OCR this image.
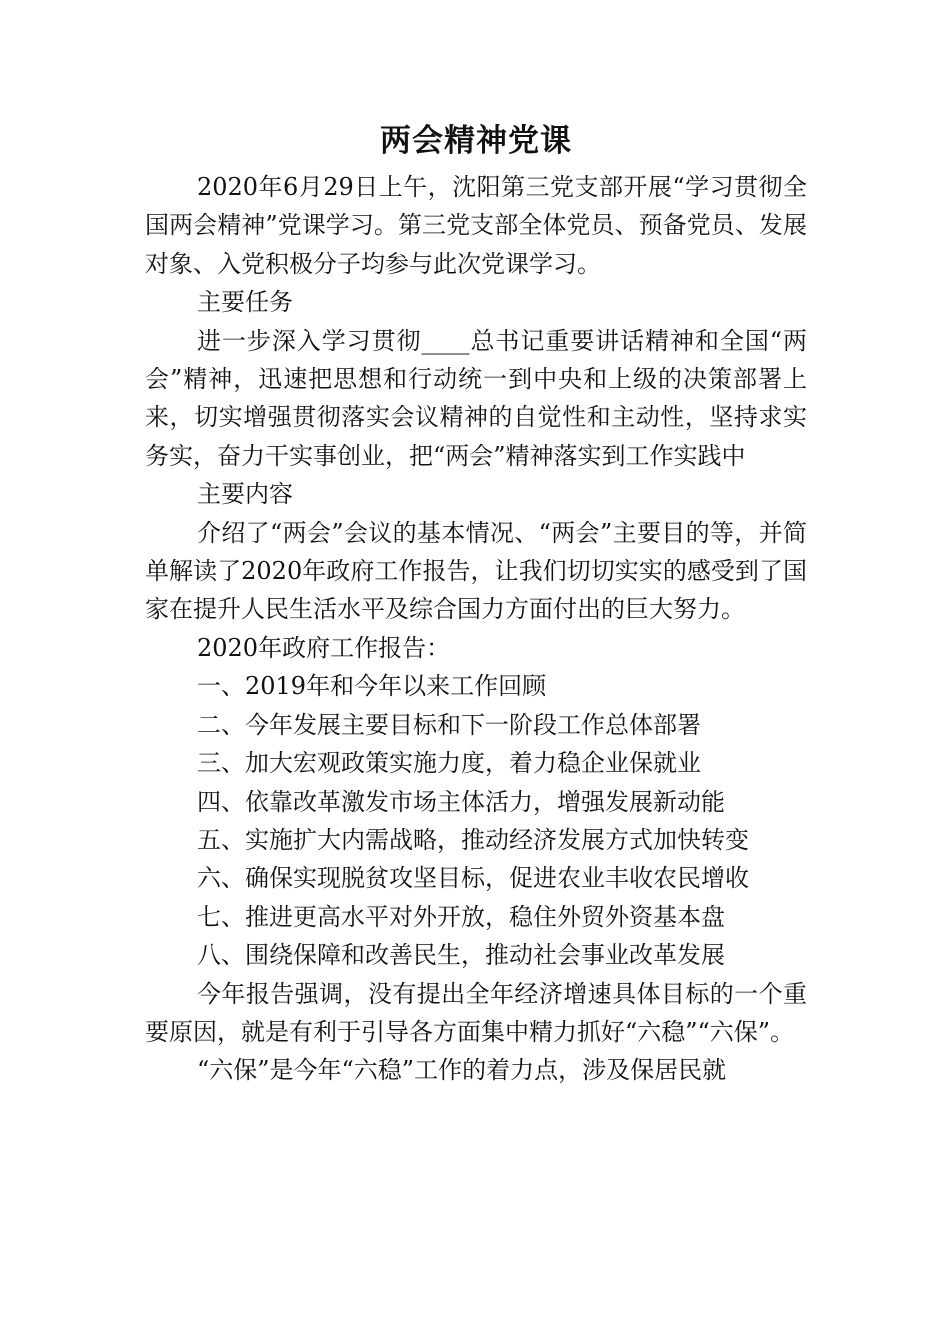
两会精神党课

2020年6月29日上午，沈阳第三党支部开展“学习贯彻全国两会精神”党课学习。第三党支部全体党员、预备党员、发展对象、入党积极分子均参与此次党课学习。

主要任务

进一步深入学习贯彻____总书记重要讲话精神和全国“两会”精神，迅速把思想和行动统一到中央和上级的决策部署上来，切实增强贯彻落实会议精神的自觉性和主动性，坚持求实务实，奋力干实事创业，把“两会”精神落实到工作实践中

主要内容

介绍了“两会”会议的基本情况、“两会”主要目的等，并简单解读了2020年政府工作报告，让我们切切实实的感受到了国家在提升人民生活水平及综合国力方面付出的巨大努力。

2020年政府工作报告：

一、2019年和今年以来工作回顾

二、今年发展主要目标和下一阶段工作总体部署

三、加大宏观政策实施力度，着力稳企业保就业

四、依靠改革激发市场主体活力，增强发展新动能

五、实施扩大内需战略，推动经济发展方式加快转变

六、确保实现脱贫攻坚目标，促进农业丰收农民增收

七、推进更高水平对外开放，稳住外贸外资基本盘

八、围绕保障和改善民生，推动社会事业改革发展

今年报告强调，没有提出全年经济增速具体目标的一个重要原因，就是有利于引导各方面集中精力抓好“六稳”“六保”。

“六保”是今年“六稳”工作的着力点，涉及保居民就
